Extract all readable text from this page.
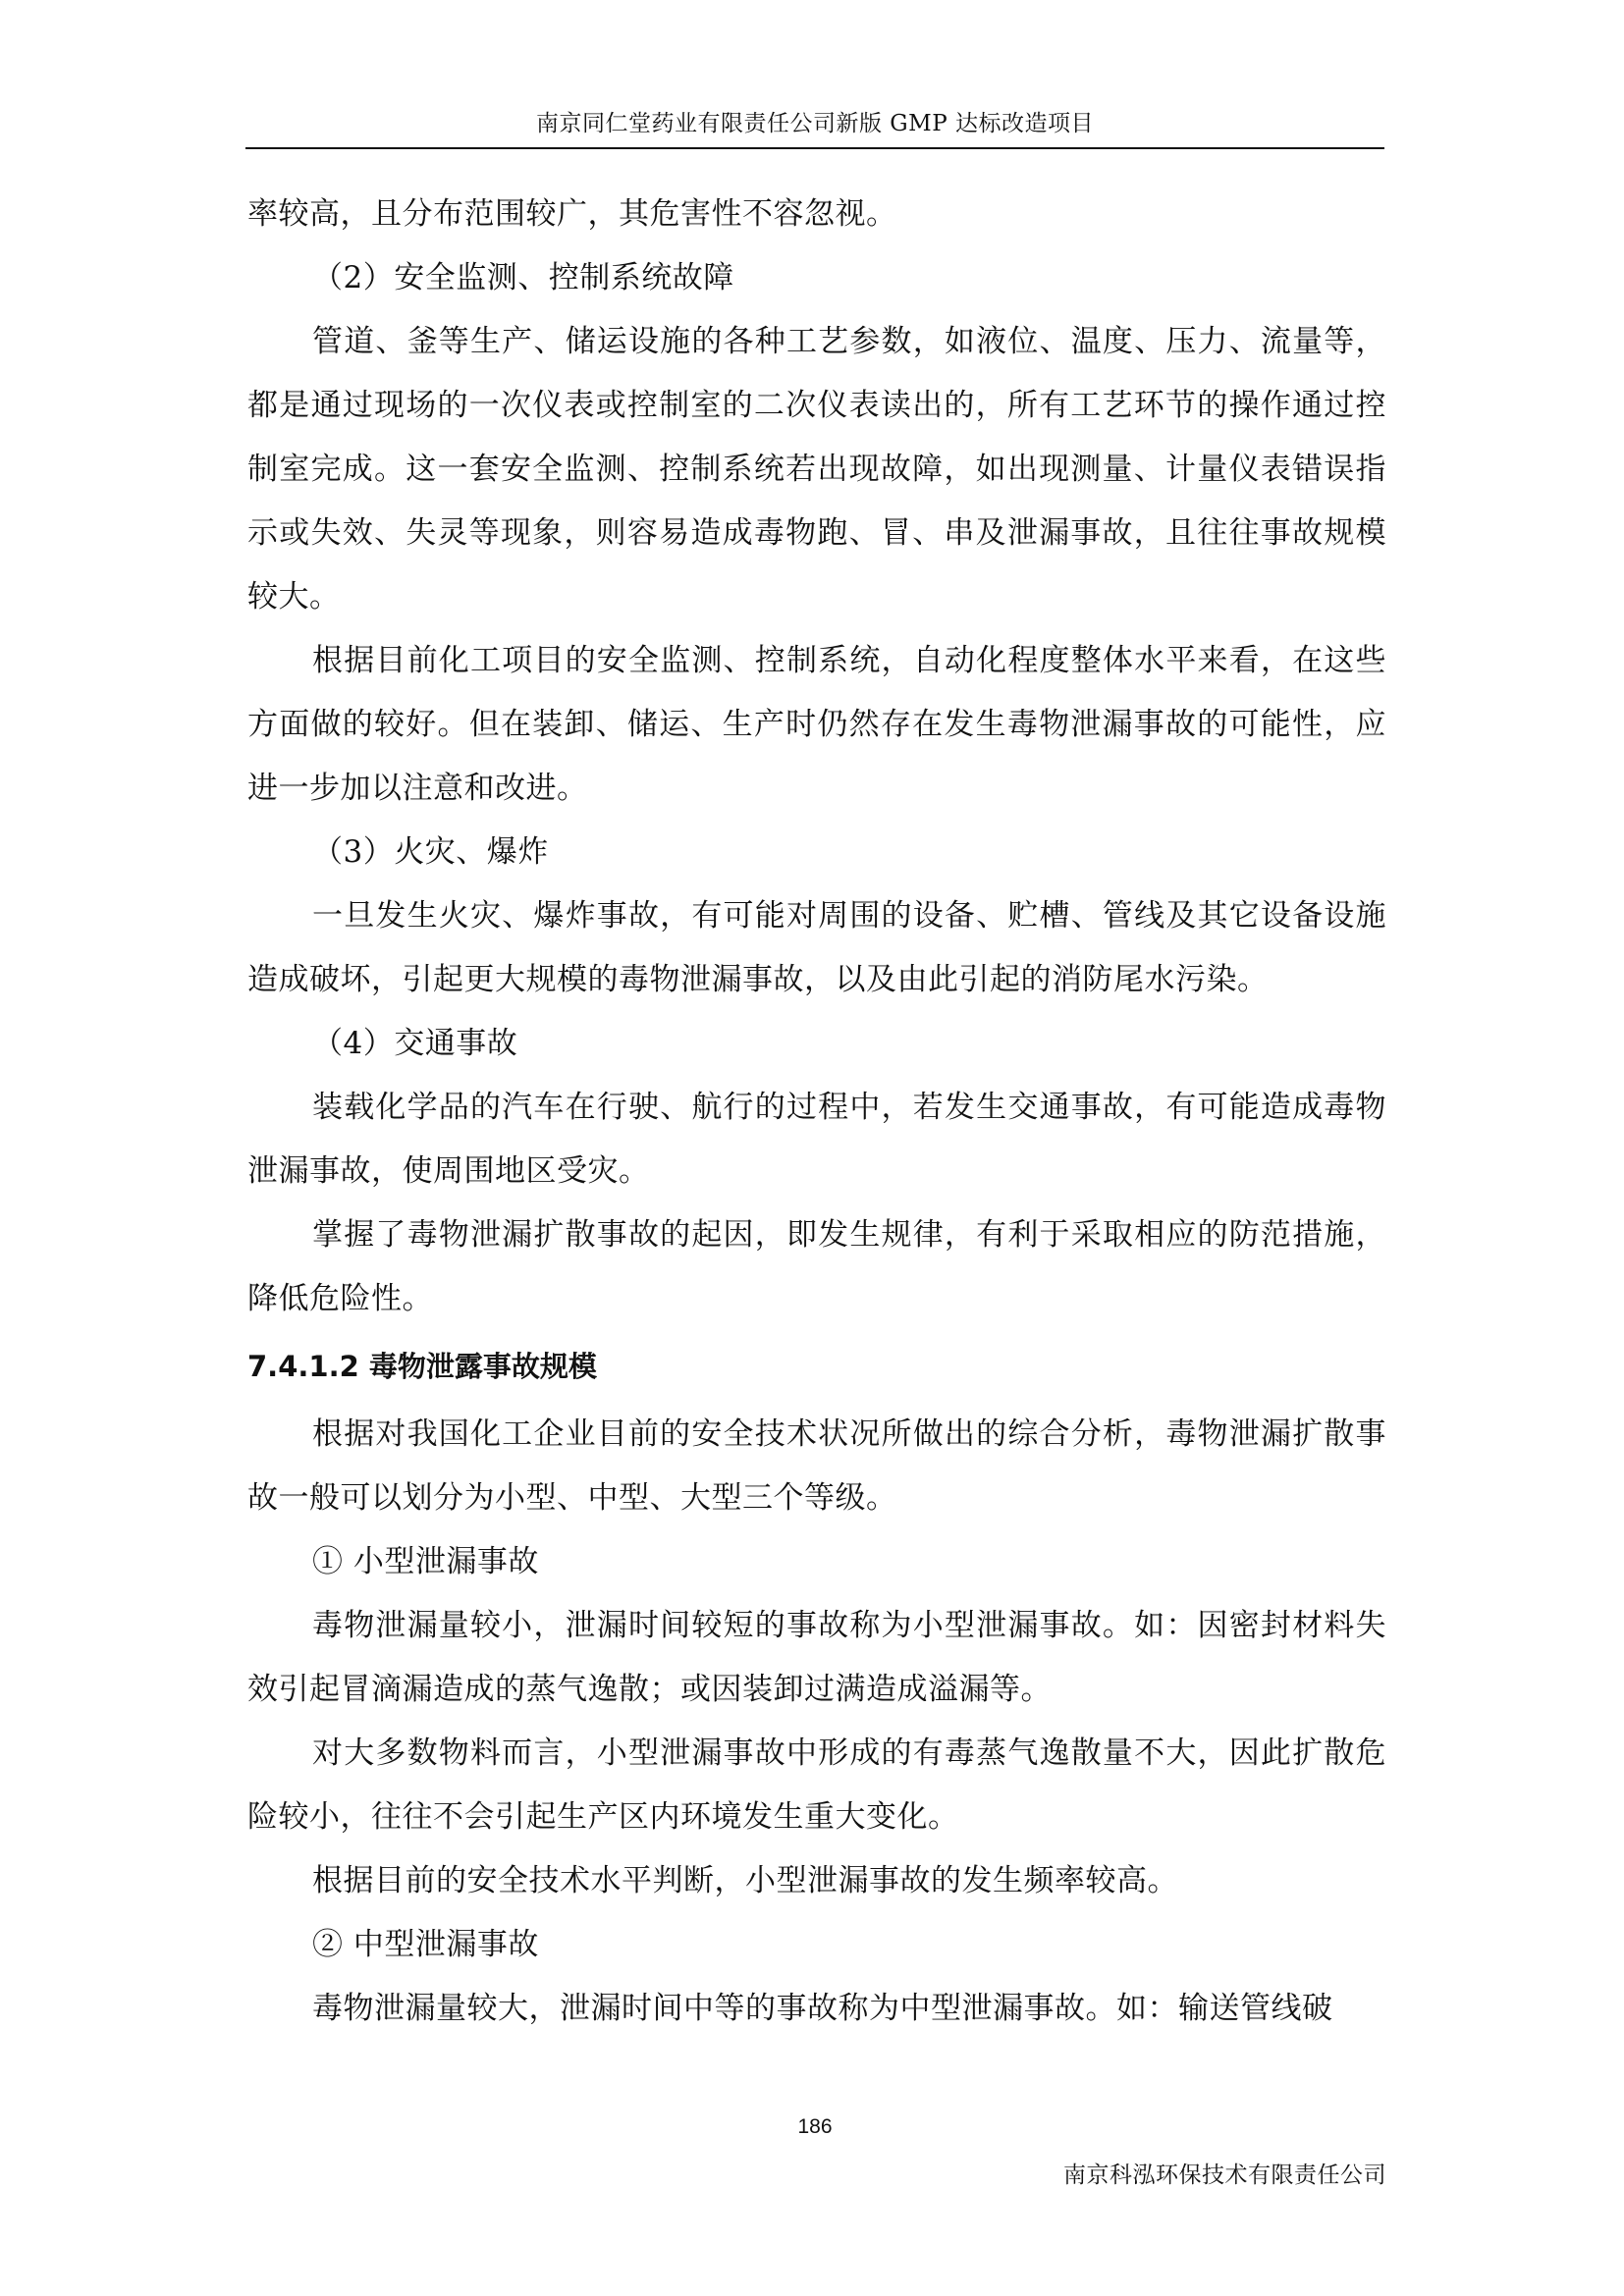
南京同仁堂药业有限责任公司新版 GMP 达标改造项目

率较高，且分布范围较广，其危害性不容忽视。

（2）安全监测、控制系统故障

管道、釜等生产、储运设施的各种工艺参数，如液位、温度、压力、流量等，都是通过现场的一次仪表或控制室的二次仪表读出的，所有工艺环节的操作通过控制室完成。这一套安全监测、控制系统若出现故障，如出现测量、计量仪表错误指示或失效、失灵等现象，则容易造成毒物跑、冒、串及泄漏事故，且往往事故规模较大。

根据目前化工项目的安全监测、控制系统，自动化程度整体水平来看，在这些方面做的较好。但在装卸、储运、生产时仍然存在发生毒物泄漏事故的可能性，应进一步加以注意和改进。

（3）火灾、爆炸

一旦发生火灾、爆炸事故，有可能对周围的设备、贮槽、管线及其它设备设施造成破坏，引起更大规模的毒物泄漏事故，以及由此引起的消防尾水污染。

（4）交通事故

装载化学品的汽车在行驶、航行的过程中，若发生交通事故，有可能造成毒物泄漏事故，使周围地区受灾。

掌握了毒物泄漏扩散事故的起因，即发生规律，有利于采取相应的防范措施，降低危险性。

7.4.1.2 毒物泄露事故规模

根据对我国化工企业目前的安全技术状况所做出的综合分析，毒物泄漏扩散事故一般可以划分为小型、中型、大型三个等级。

① 小型泄漏事故

毒物泄漏量较小，泄漏时间较短的事故称为小型泄漏事故。如：因密封材料失效引起冒滴漏造成的蒸气逸散；或因装卸过满造成溢漏等。

对大多数物料而言，小型泄漏事故中形成的有毒蒸气逸散量不大，因此扩散危险较小，往往不会引起生产区内环境发生重大变化。

根据目前的安全技术水平判断，小型泄漏事故的发生频率较高。

② 中型泄漏事故

毒物泄漏量较大，泄漏时间中等的事故称为中型泄漏事故。如：输送管线破

186
南京科泓环保技术有限责任公司
